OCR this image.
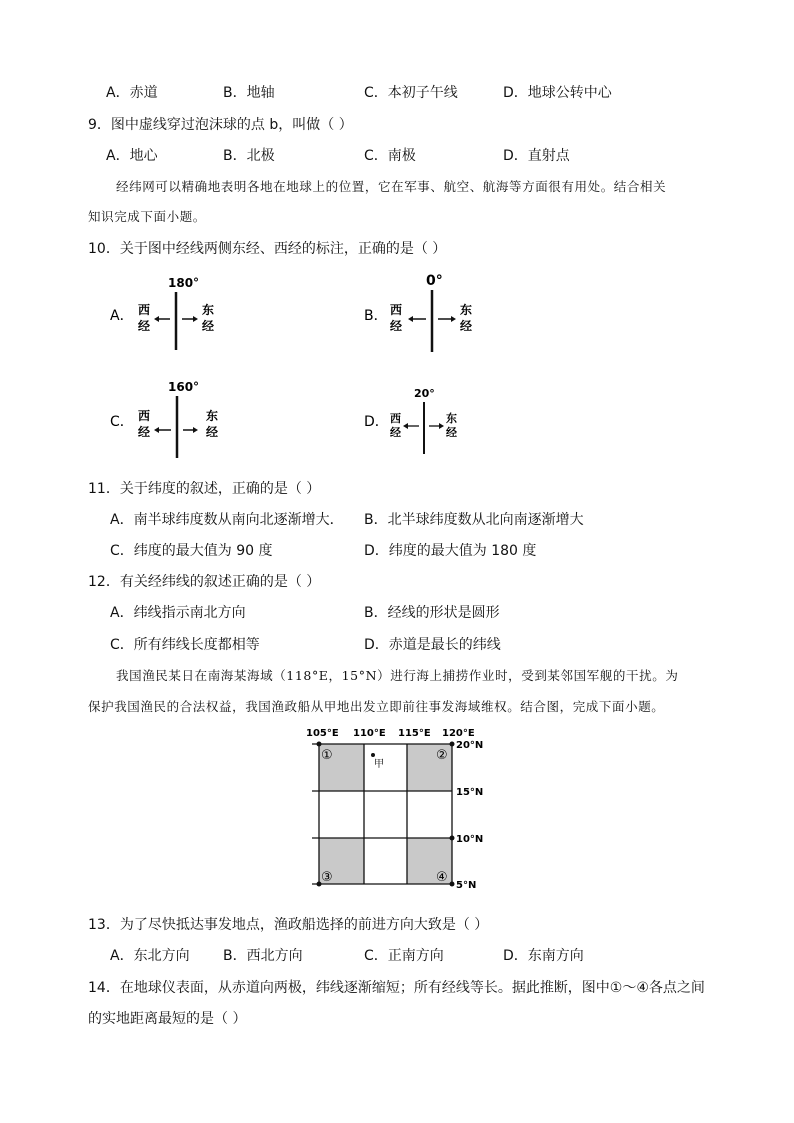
A．赤道	B．地轴	C．本初子午线	D．地球公转中心
9．图中虚线穿过泡沫球的点 b，叫做（ ）
A．地心	B．北极	C．南极	D．直射点
经纬网可以精确地表明各地在地球上的位置，它在军事、航空、航海等方面很有用处。结合相关
知识完成下面小题。
10．关于图中经线两侧东经、西经的标注，正确的是（ ）
A．
180°
西
经
东
经
B．
0°
西
经
东
经
C．
160°
西
经
东
经
D．
20°
西
经
东
经
11．关于纬度的叙述，正确的是（ ）
A．南半球纬度数从南向北逐渐增大． B．北半球纬度数从北向南逐渐增大
C．纬度的最大值为 90 度	D．纬度的最大值为 180 度
12．有关经纬线的叙述正确的是（ ）
A．纬线指示南北方向	B．经线的形状是圆形
C．所有纬线长度都相等	D．赤道是最长的纬线
我国渔民某日在南海某海域（118°E，15°N）进行海上捕捞作业时，受到某邻国军舰的干扰。为
保护我国渔民的合法权益，我国渔政船从甲地出发立即前往事发海域维权。结合图，完成下面小题。
105°E 110°E 115°E 120°E
20°N
15°N
10°N
5°N
①	②
③	④
甲
13．为了尽快抵达事发地点，渔政船选择的前进方向大致是（ ）
A．东北方向 B．西北方向	C．正南方向	D．东南方向
14．在地球仪表面，从赤道向两极，纬线逐渐缩短；所有经线等长。据此推断，图中①～④各点之间
的实地距离最短的是（ ）
